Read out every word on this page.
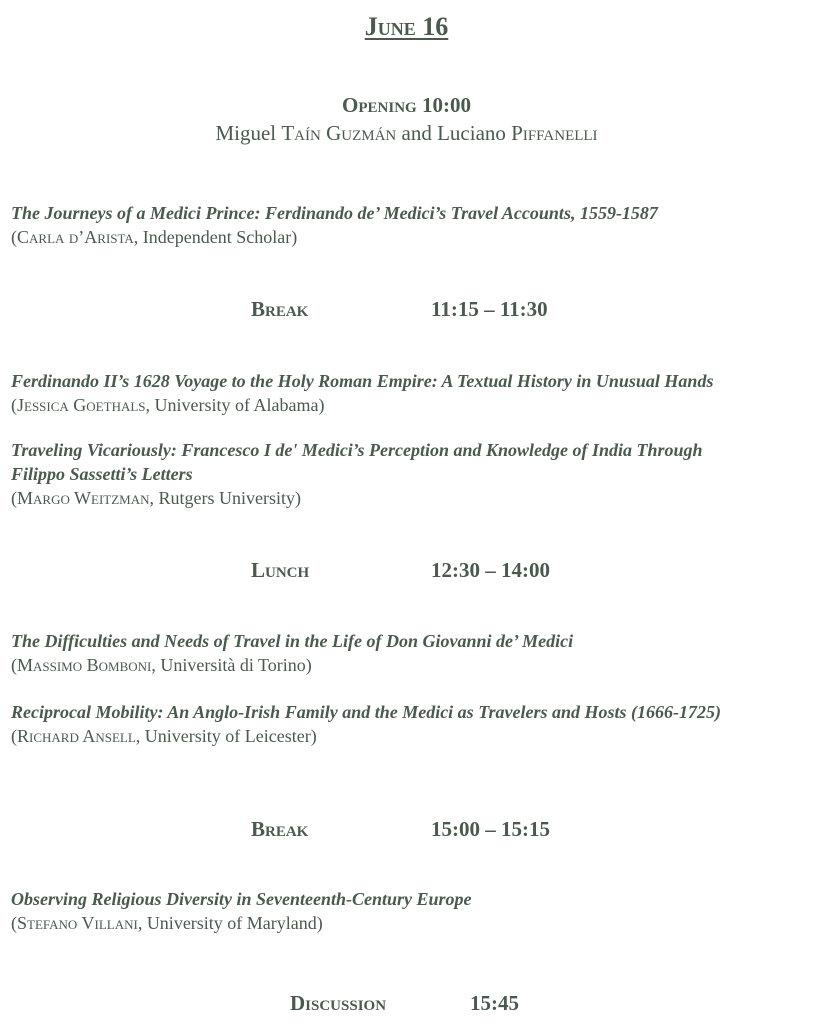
June 16
Opening 10:00
Miguel Taín Guzmán and Luciano Piffanelli
The Journeys of a Medici Prince: Ferdinando de’ Medici’s Travel Accounts, 1559-1587
(Carla d’Arista, Independent Scholar)
Break	11:15 – 11:30
Ferdinando II’s 1628 Voyage to the Holy Roman Empire: A Textual History in Unusual Hands
(Jessica Goethals, University of Alabama)
Traveling Vicariously: Francesco I de' Medici’s Perception and Knowledge of India Through
Filippo Sassetti’s Letters
(Margo Weitzman, Rutgers University)
Lunch	12:30 – 14:00
The Difficulties and Needs of Travel in the Life of Don Giovanni de’ Medici
(Massimo Bomboni, Università di Torino)
Reciprocal Mobility: An Anglo-Irish Family and the Medici as Travelers and Hosts (1666-1725)
(Richard Ansell, University of Leicester)
Break	15:00 – 15:15
Observing Religious Diversity in Seventeenth-Century Europe
(Stefano Villani, University of Maryland)
Discussion	15:45
